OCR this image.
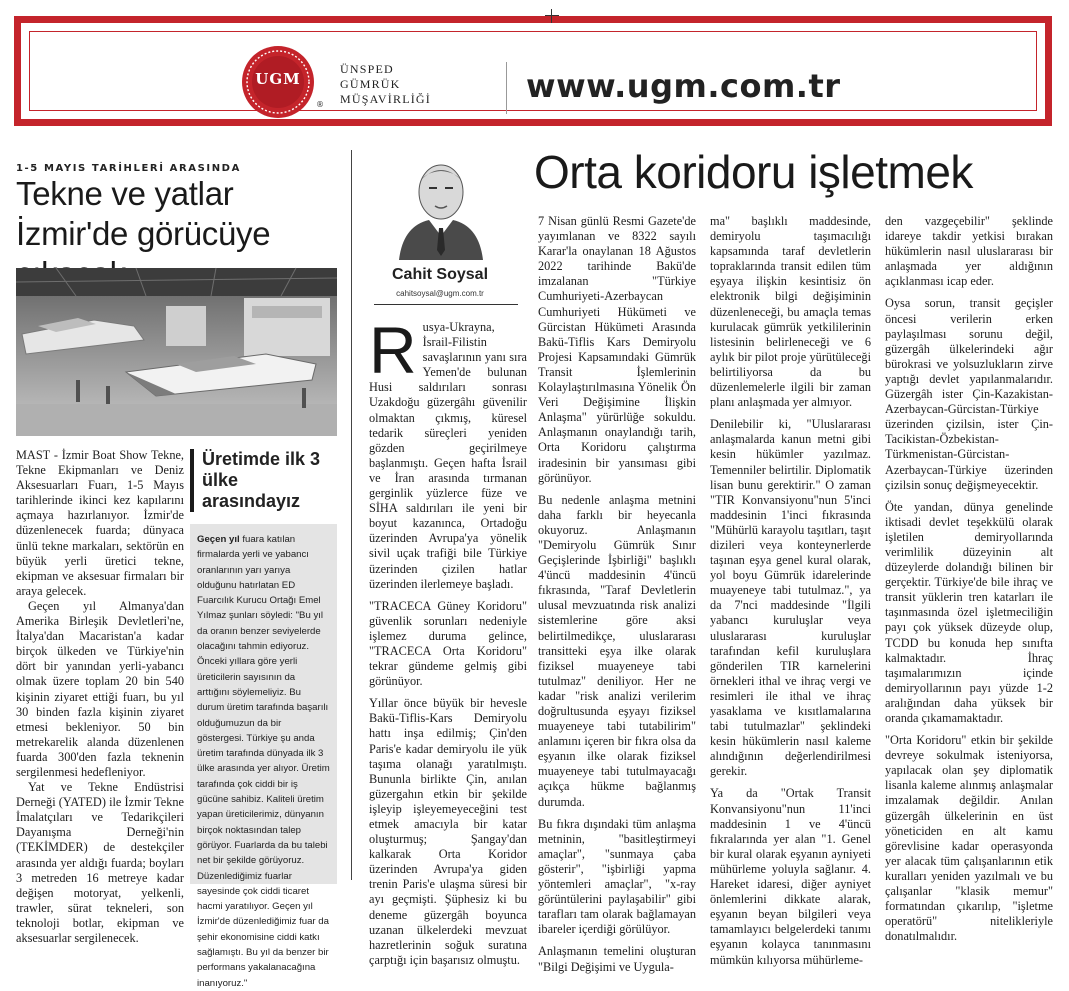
UGM
®
ÜNSPED
GÜMRÜK
MÜŞAVİRLİĞİ	www.ugm.com.tr
1-5 MAYIS TARİHLERİ ARASINDA
Tekne ve yatlar İzmir'de görücüye

MAST - İzmir Boat Show Tekne, Tekne Ekipmanları ve Deniz Aksesuarları Fuarı, 1-5 Mayıs tarihlerinde ikinci kez kapılarını açmaya hazırlanıyor. İzmir'de düzenlenecek fuarda; dünyaca ünlü tekne markaları, sektörün en büyük yerli üretici tekne, ekipman ve aksesuar firmaları bir araya gelecek.

Geçen yıl Almanya'dan Amerika Birleşik Devletleri'ne, İtalya'dan Macaristan'a kadar birçok ülkeden ve Türkiye'nin dört bir yanından yerli-yabancı olmak üzere toplam 20 bin 540 kişinin ziyaret ettiği fuarı, bu yıl 30 binden fazla kişinin ziyaret etmesi bekleniyor. 50 bin metrekarelik alanda düzenlenen fuarda 300'den fazla teknenin sergilenmesi hedefleniyor.

Yat ve Tekne Endüstrisi Derneği (YATED) ile İzmir Tekne İmalatçıları ve Tedarikçileri Dayanışma Derneği'nin (TEKİMDER) de destekçiler arasında yer aldığı fuarda; boyları 3 metreden 16 metreye kadar değişen motoryat, yelkenli, trawler, sürat tekneleri, son teknoloji botlar, ekipman ve aksesuarlar sergilenecek.

Üretimde ilk 3 ülke arasındayız
Geçen yıl fuara katılan firmalarda yerli ve yabancı oranlarının yarı yarıya olduğunu hatırlatan ED Fuarcılık Kurucu Ortağı Emel Yılmaz şunları söyledi: "Bu yıl da oranın benzer seviyelerde olacağını tahmin ediyoruz. Önceki yıllara göre yerli üreticilerin sayısının da arttığını söylemeliyiz. Bu durum üretim tarafında başarılı olduğumuzun da bir göstergesi. Türkiye şu anda üretim tarafında dünyada ilk 3 ülke arasında yer alıyor. Üretim tarafında çok ciddi bir iş gücüne sahibiz. Kaliteli üretim yapan üreticilerimiz, dünyanın birçok noktasından talep görüyor. Fuarlarda da bu talebi net bir şekilde görüyoruz. Düzenlediğimiz fuarlar sayesinde çok ciddi ticaret hacmi yaratılıyor. Geçen yıl İzmir'de düzenlediğimiz fuar da şehir ekonomisine ciddi katkı sağlamıştı. Bu yıl da benzer bir performans yakalanacağına inanıyoruz."
Cahit Soysal
cahitsoysal@ugm.com.tr
Orta koridoru işletmek

Rusya-Ukrayna, İsrail-Filistin savaşlarının yanı sıra Yemen'de bulunan Husi saldırıları sonrası Uzakdoğu güzergâhı güvenilir olmaktan çıkmış, küresel tedarik süreçleri yeniden gözden geçirilmeye başlanmıştı. Geçen hafta İsrail ve İran arasında tırmanan gerginlik yüzlerce füze ve SİHA saldırıları ile yeni bir boyut kazanınca, Ortadoğu üzerinden Avrupa'ya yönelik sivil uçak trafiği bile Türkiye üzerinden çizilen hatlar üzerinden ilerlemeye başladı.

"TRACECA Güney Koridoru" güvenlik sorunları nedeniyle işlemez duruma gelince, "TRACECA Orta Koridoru" tekrar gündeme gelmiş gibi görünüyor.

Yıllar önce büyük bir hevesle Bakü-Tiflis-Kars Demiryolu hattı inşa edilmiş; Çin'den Paris'e kadar demiryolu ile yük taşıma olanağı yaratılmıştı. Bununla birlikte Çin, anılan güzergahın etkin bir şekilde işleyip işleyemeyeceğini test etmek amacıyla bir katar oluşturmuş; Şangay'dan kalkarak Orta Koridor üzerinden Avrupa'ya giden trenin Paris'e ulaşma süresi bir ayı geçmişti. Şüphesiz ki bu deneme güzergâh boyunca uzanan ülkelerdeki mevzuat hazretlerinin soğuk suratına çarptığı için başarısız olmuştu.

7 Nisan günlü Resmi Gazete'de yayımlanan ve 8322 sayılı Karar'la onaylanan 18 Ağustos 2022 tarihinde Bakü'de imzalanan "Türkiye Cumhuriyeti-Azerbaycan Cumhuriyeti Hükümeti ve Gürcistan Hükümeti Arasında Bakü-Tiflis Kars Demiryolu Projesi Kapsamındaki Gümrük Transit İşlemlerinin Kolaylaştırılmasına Yönelik Ön Veri Değişimine İlişkin Anlaşma" yürürlüğe sokuldu. Anlaşmanın onaylandığı tarih, Orta Koridoru çalıştırma iradesinin bir yansıması gibi görünüyor.

Bu nedenle anlaşma metnini daha farklı bir heyecanla okuyoruz. Anlaşmanın "Demiryolu Gümrük Sınır Geçişlerinde İşbirliği" başlıklı 4'üncü maddesinin 4'üncü fıkrasında, "Taraf Devletlerin ulusal mevzuatında risk analizi sistemlerine göre aksi belirtilmedikçe, uluslararası transitteki eşya ilke olarak fiziksel muayeneye tabi tutulmaz" deniliyor. Her ne kadar "risk analizi verilerim doğrultusunda eşyayı fiziksel muayeneye tabi tutabilirim" anlamını içeren bir fıkra olsa da eşyanın ilke olarak fiziksel muayeneye tabi tutulmayacağı açıkça hükme bağlanmış durumda.

Bu fıkra dışındaki tüm anlaşma metninin, "basitleştirmeyi amaçlar", "sunmaya çaba gösterir", "işbirliği yapma yöntemleri amaçlar", "x-ray görüntülerini paylaşabilir" gibi tarafları tam olarak bağlamayan ibareler içerdiği görülüyor.

Anlaşmanın temelini oluşturan "Bilgi Değişimi ve Uygula-

ma" başlıklı maddesinde, demiryolu taşımacılığı kapsamında taraf devletlerin topraklarında transit edilen tüm eşyaya ilişkin kesintisiz ön elektronik bilgi değişiminin düzenleneceği, bu amaçla temas kurulacak gümrük yetkililerinin listesinin belirleneceği ve 6 aylık bir pilot proje yürütüleceği belirtiliyorsa da bu düzenlemelerle ilgili bir zaman planı anlaşmada yer almıyor.

Denilebilir ki, "Uluslararası anlaşmalarda kanun metni gibi kesin hükümler yazılmaz. Temenniler belirtilir. Diplomatik lisan bunu gerektirir." O zaman "TIR Konvansiyonu"nun 5'inci maddesinin 1'inci fıkrasında "Mühürlü karayolu taşıtları, taşıt dizileri veya konteynerlerde taşınan eşya genel kural olarak, yol boyu Gümrük idarelerinde muayeneye tabi tutulmaz.", ya da 7'nci maddesinde "İlgili yabancı kuruluşlar veya uluslararası kuruluşlar tarafından kefil kuruluşlara gönderilen TIR karnelerini örnekleri ithal ve ihraç vergi ve resimleri ile ithal ve ihraç yasaklama ve kısıtlamalarına tabi tutulmazlar" şeklindeki kesin hükümlerin nasıl kaleme alındığının değerlendirilmesi gerekir.

Ya da "Ortak Transit Konvansiyonu"nun 11'inci maddesinin 1 ve 4'üncü fıkralarında yer alan "1. Genel bir kural olarak eşyanın ayniyeti mühürleme yoluyla sağlanır. 4. Hareket idaresi, diğer ayniyet önlemlerini dikkate alarak, eşyanın beyan bilgileri veya tamamlayıcı belgelerdeki tanımı eşyanın kolayca tanınmasını mümkün kılıyorsa mühürleme-

den vazgeçebilir" şeklinde idareye takdir yetkisi bırakan hükümlerin nasıl uluslararası bir anlaşmada yer aldığının açıklanması icap eder.

Oysa sorun, transit geçişler öncesi verilerin erken paylaşılması sorunu değil, güzergâh ülkelerindeki ağır bürokrasi ve yolsuzlukların zirve yaptığı devlet yapılanmalarıdır. Güzergâh ister Çin-Kazakistan-Azerbaycan-Gürcistan-Türkiye üzerinden çizilsin, ister Çin-Tacikistan-Özbekistan-Türkmenistan-Gürcistan-Azerbaycan-Türkiye üzerinden çizilsin sonuç değişmeyecektir.

Öte yandan, dünya genelinde iktisadi devlet teşekkülü olarak işletilen demiryollarında verimlilik düzeyinin alt düzeylerde dolandığı bilinen bir gerçektir. Türkiye'de bile ihraç ve transit yüklerin tren katarları ile taşınmasında özel işletmeciliğin payı çok yüksek düzeyde olup, TCDD bu konuda hep sınıfta kalmaktadır. İhraç taşımalarımızın içinde demiryollarının payı yüzde 1-2 aralığından daha yüksek bir oranda çıkamamaktadır.

"Orta Koridoru" etkin bir şekilde devreye sokulmak isteniyorsa, yapılacak olan şey diplomatik lisanla kaleme alınmış anlaşmalar imzalamak değildir. Anılan güzergâh ülkelerinin en üst yöneticiden en alt kamu görevlisine kadar operasyonda yer alacak tüm çalışanlarının etik kuralları yeniden yazılmalı ve bu çalışanlar "klasik memur" formatından çıkarılıp, "işletme operatörü" nitelikleriyle donatılmalıdır.
